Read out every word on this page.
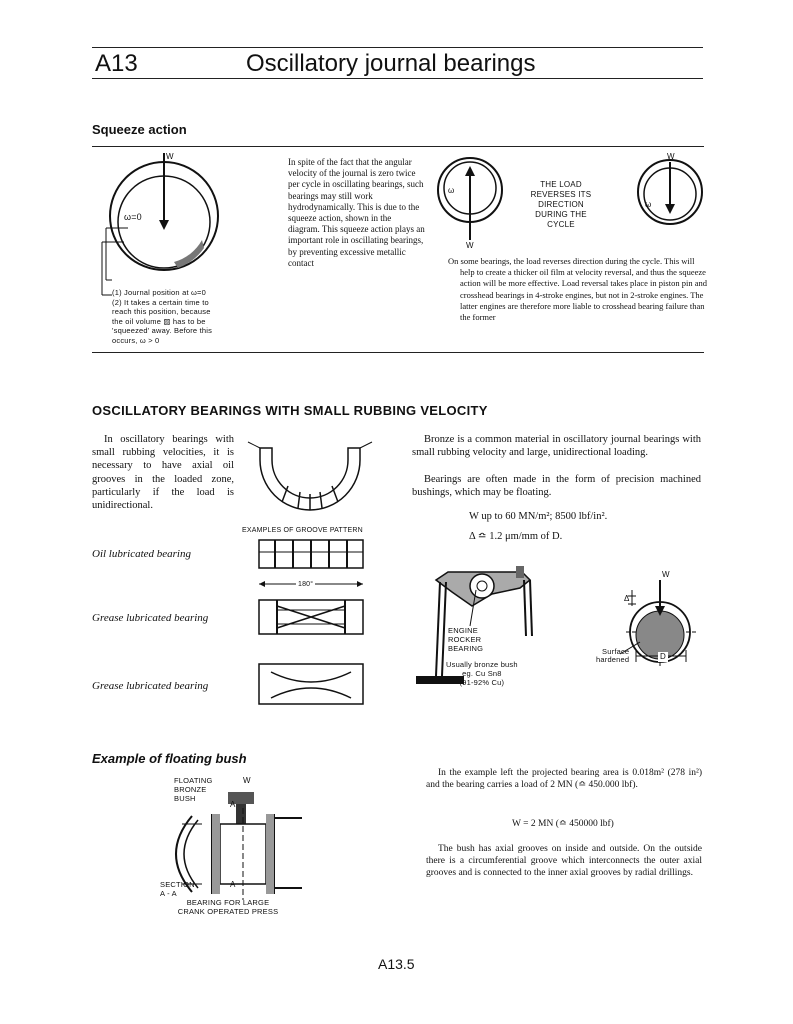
A13	Oscillatory journal bearings
Squeeze action
W
ω=0
(1) Journal position at ω=0
(2) It takes a certain time to
reach this position, because
the oil volume ▨ has to be
'squeezed' away. Before this
occurs, ω > 0
In spite of the fact that the angular velocity of the journal is zero twice per cycle in oscillating bearings, such bearings may still work hydrodynamically. This is due to the squeeze action, shown in the diagram. This squeeze action plays an important role in oscillating bearings, by preventing excessive metallic contact
ω
W
THE LOAD
REVERSES ITS
DIRECTION
DURING THE
CYCLE
W
ω
On some bearings, the load reverses direction during the cycle. This will help to create a thicker oil film at velocity reversal, and thus the squeeze action will be more effective. Load reversal takes place in piston pin and crosshead bearings in 4-stroke engines, but not in 2-stroke engines. The latter engines are therefore more liable to crosshead bearing failure than the former
OSCILLATORY BEARINGS WITH SMALL RUBBING VELOCITY
In oscillatory bearings with small rubbing velocities, it is necessary to have axial oil grooves in the loaded zone, particularly if the load is unidirectional.
EXAMPLES OF GROOVE PATTERN
180°
Oil lubricated bearing
Grease lubricated bearing
Grease lubricated bearing
Bronze is a common material in oscillatory journal bearings with small rubbing velocity and large, unidirectional loading.
Bearings are often made in the form of precision machined bushings, which may be floating.
W up to 60 MN/m²; 8500 lbf/in².
Δ ≏ 1.2 μm/mm of D.
ENGINE
ROCKER
BEARING
Usually bronze bush
eg. Cu Sn8
(91-92% Cu)
W
Δ
Surface
hardened	D
Example of floating bush
FLOATING
BRONZE
BUSH
W
A
A
SECTION
A - A
BEARING FOR LARGE
CRANK OPERATED PRESS
In the example left the projected bearing area is 0.018m² (278 in²) and the bearing carries a load of 2 MN (≏ 450.000 lbf).
W = 2 MN (≏ 450000 lbf)
The bush has axial grooves on inside and outside. On the outside there is a circumferential groove which interconnects the outer axial grooves and is connected to the inner axial grooves by radial drillings.
A13.5
